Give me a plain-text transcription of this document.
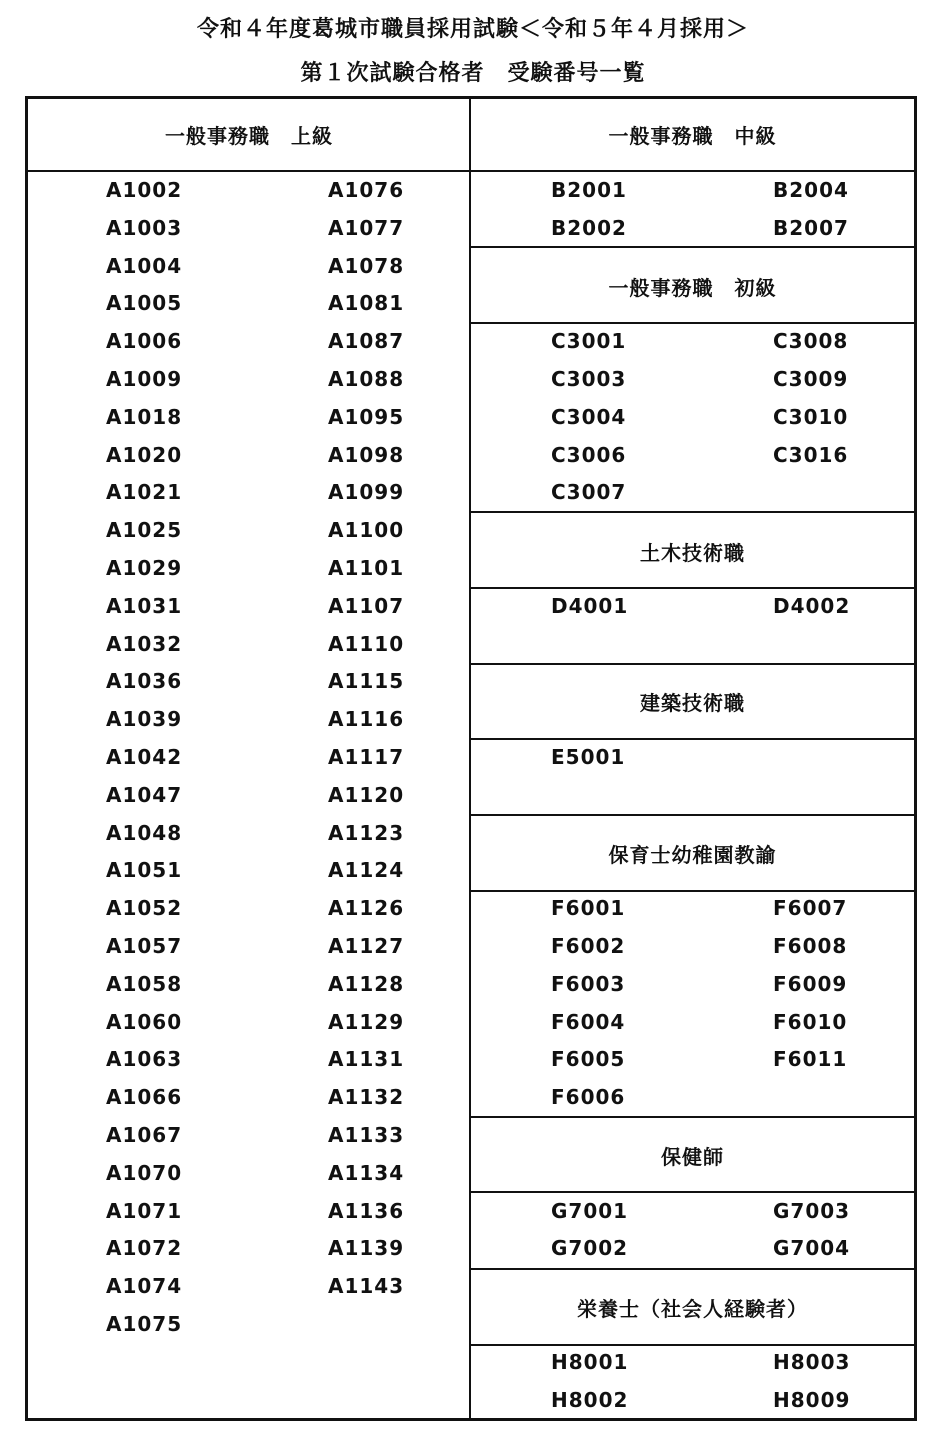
令和４年度葛城市職員採用試験＜令和５年４月採用＞
第１次試験合格者　受験番号一覧
一般事務職　上級
A1002
A1003
A1004
A1005
A1006
A1009
A1018
A1020
A1021
A1025
A1029
A1031
A1032
A1036
A1039
A1042
A1047
A1048
A1051
A1052
A1057
A1058
A1060
A1063
A1066
A1067
A1070
A1071
A1072
A1074
A1075
A1076
A1077
A1078
A1081
A1087
A1088
A1095
A1098
A1099
A1100
A1101
A1107
A1110
A1115
A1116
A1117
A1120
A1123
A1124
A1126
A1127
A1128
A1129
A1131
A1132
A1133
A1134
A1136
A1139
A1143
一般事務職　中級
B2001
B2002
B2004
B2007
一般事務職　初級
C3001
C3003
C3004
C3006
C3007
C3008
C3009
C3010
C3016
土木技術職
D4001	D4002
建築技術職
E5001
保育士幼稚園教諭
F6001
F6002
F6003
F6004
F6005
F6006
F6007
F6008
F6009
F6010
F6011
保健師
G7001
G7002
G7003
G7004
栄養士（社会人経験者）
H8001
H8002
H8003
H8009
